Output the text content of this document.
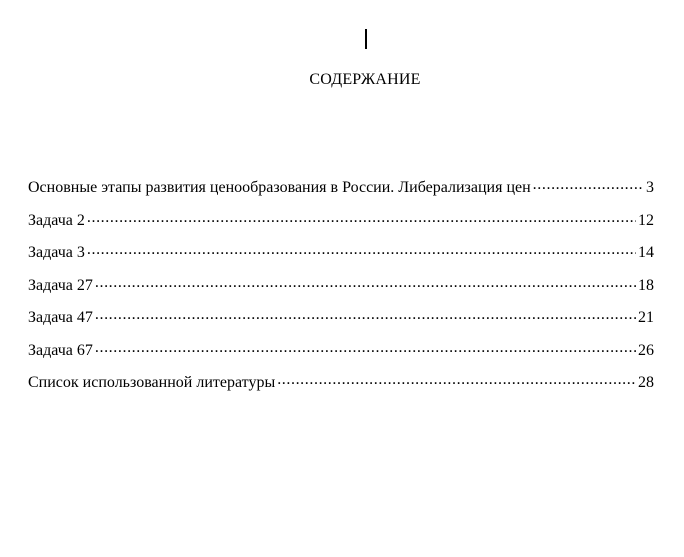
СОДЕРЖАНИЕ
Основные этапы развития ценообразования в России. Либерализация цен .....	3
Задача 2 .....	12
Задача 3 .....	14
Задача 27 .....	18
Задача 47 .....	21
Задача 67 .....	26
Список использованной литературы .....	28
